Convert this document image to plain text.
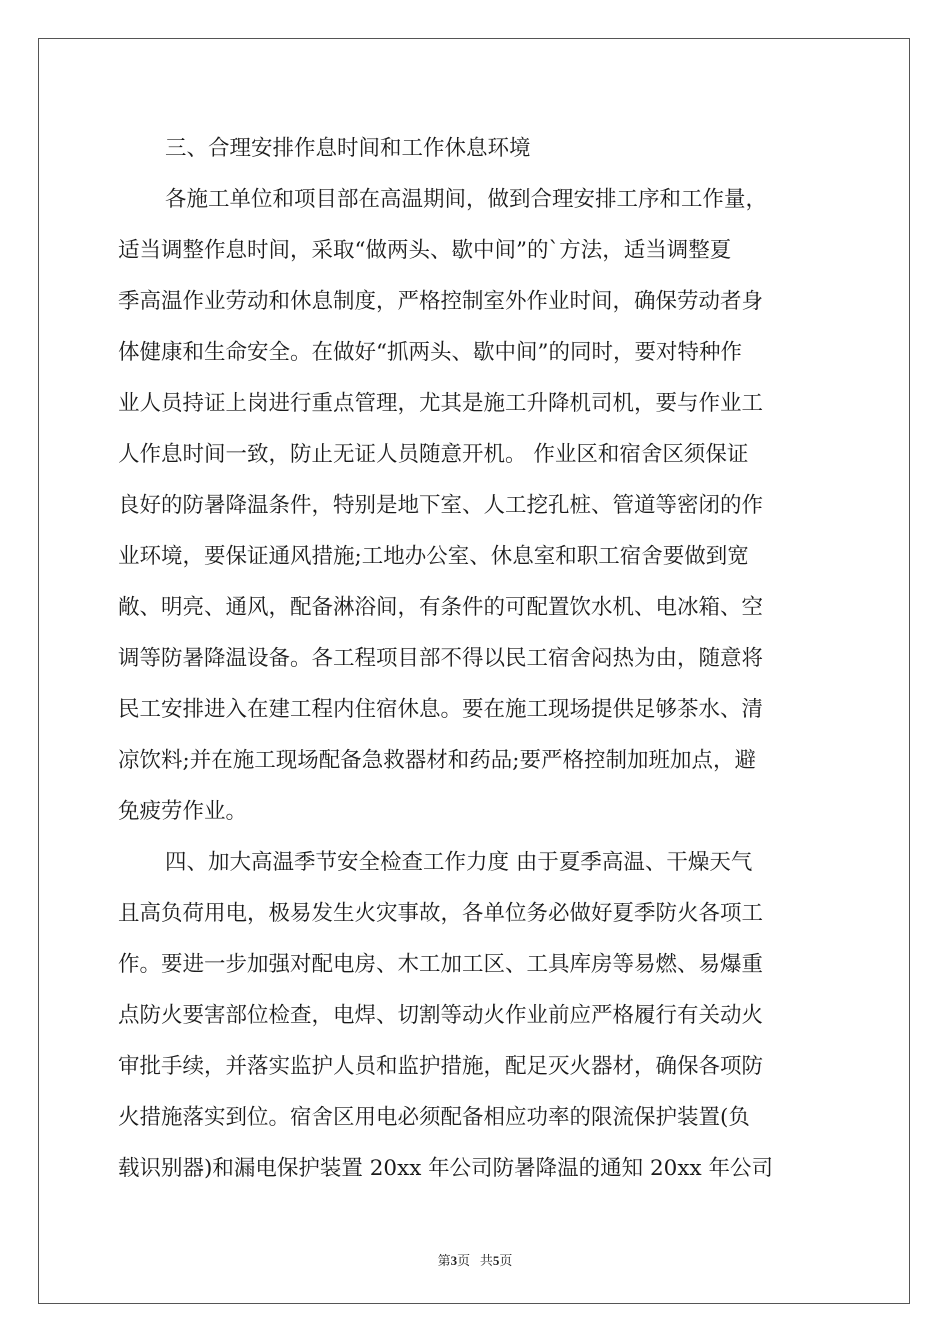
三、合理安排作息时间和工作休息环境
各施工单位和项目部在高温期间，做到合理安排工序和工作量，
适当调整作息时间，采取“做两头、歇中间”的`方法，适当调整夏
季高温作业劳动和休息制度，严格控制室外作业时间，确保劳动者身
体健康和生命安全。在做好“抓两头、歇中间”的同时，要对特种作
业人员持证上岗进行重点管理，尤其是施工升降机司机，要与作业工
人作息时间一致，防止无证人员随意开机。 作业区和宿舍区须保证
良好的防暑降温条件，特别是地下室、人工挖孔桩、管道等密闭的作
业环境，要保证通风措施;工地办公室、休息室和职工宿舍要做到宽
敞、明亮、通风，配备淋浴间，有条件的可配置饮水机、电冰箱、空
调等防暑降温设备。各工程项目部不得以民工宿舍闷热为由，随意将
民工安排进入在建工程内住宿休息。要在施工现场提供足够茶水、清
凉饮料;并在施工现场配备急救器材和药品;要严格控制加班加点，避
免疲劳作业。
四、加大高温季节安全检查工作力度 由于夏季高温、干燥天气
且高负荷用电，极易发生火灾事故，各单位务必做好夏季防火各项工
作。要进一步加强对配电房、木工加工区、工具库房等易燃、易爆重
点防火要害部位检查，电焊、切割等动火作业前应严格履行有关动火
审批手续，并落实监护人员和监护措施，配足灭火器材，确保各项防
火措施落实到位。宿舍区用电必须配备相应功率的限流保护装置(负
载识别器)和漏电保护装置 20xx 年公司防暑降温的通知 20xx 年公司
第3页 共5页
